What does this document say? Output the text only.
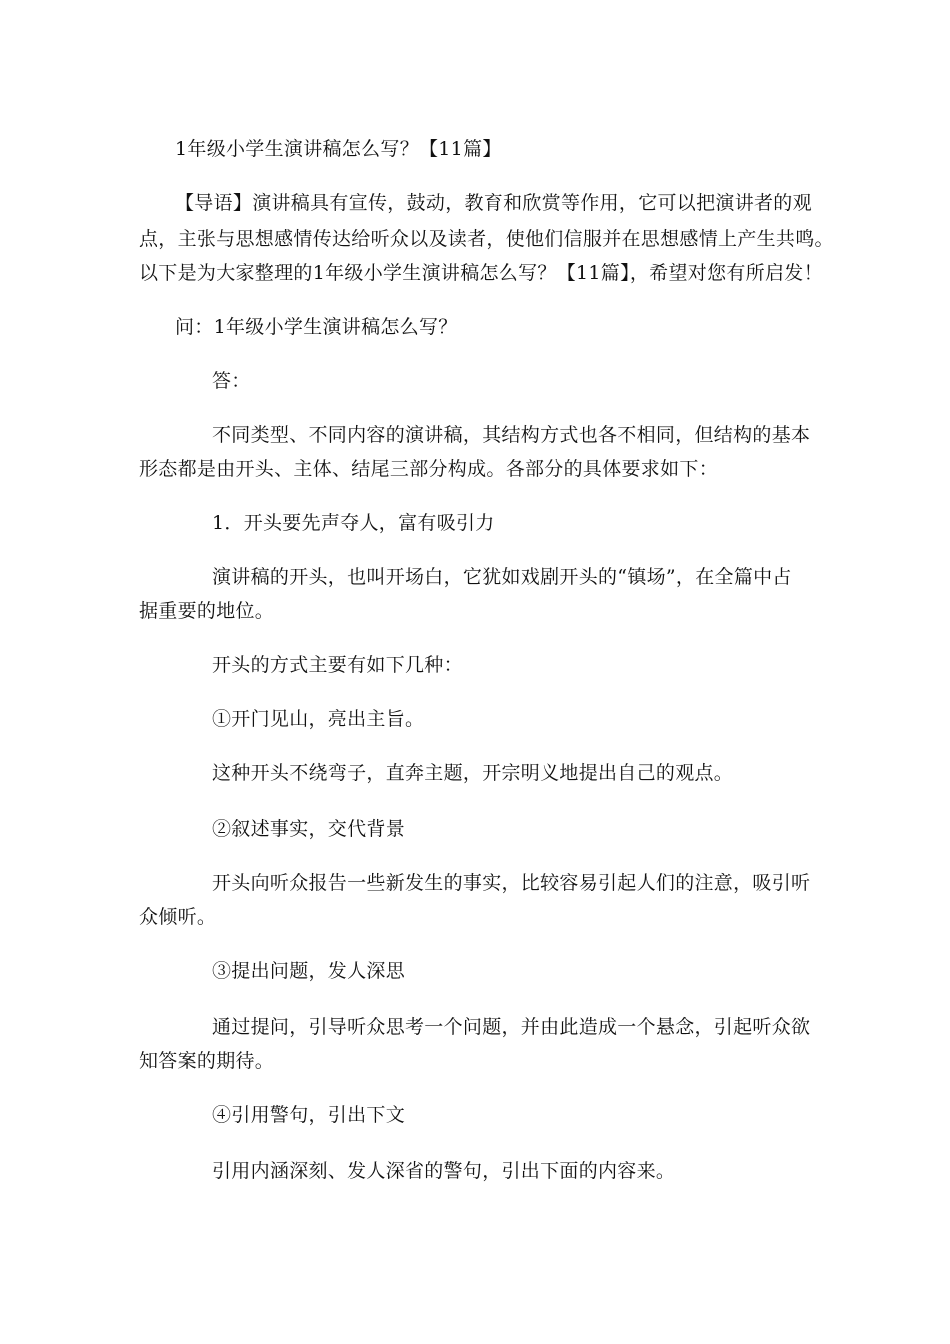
1年级小学生演讲稿怎么写？【11篇】
【导语】演讲稿具有宣传，鼓动，教育和欣赏等作用，它可以把演讲者的观
点，主张与思想感情传达给听众以及读者，使他们信服并在思想感情上产生共鸣。
以下是为大家整理的1年级小学生演讲稿怎么写？【11篇】，希望对您有所启发！
问：1年级小学生演讲稿怎么写？
答：
不同类型、不同内容的演讲稿，其结构方式也各不相同，但结构的基本
形态都是由开头、主体、结尾三部分构成。各部分的具体要求如下：
1．开头要先声夺人，富有吸引力
演讲稿的开头，也叫开场白，它犹如戏剧开头的“镇场”，在全篇中占
据重要的地位。
开头的方式主要有如下几种：
①开门见山，亮出主旨。
这种开头不绕弯子，直奔主题，开宗明义地提出自己的观点。
②叙述事实，交代背景
开头向听众报告一些新发生的事实，比较容易引起人们的注意，吸引听
众倾听。
③提出问题，发人深思
通过提问，引导听众思考一个问题，并由此造成一个悬念，引起听众欲
知答案的期待。
④引用警句，引出下文
引用内涵深刻、发人深省的警句，引出下面的内容来。
